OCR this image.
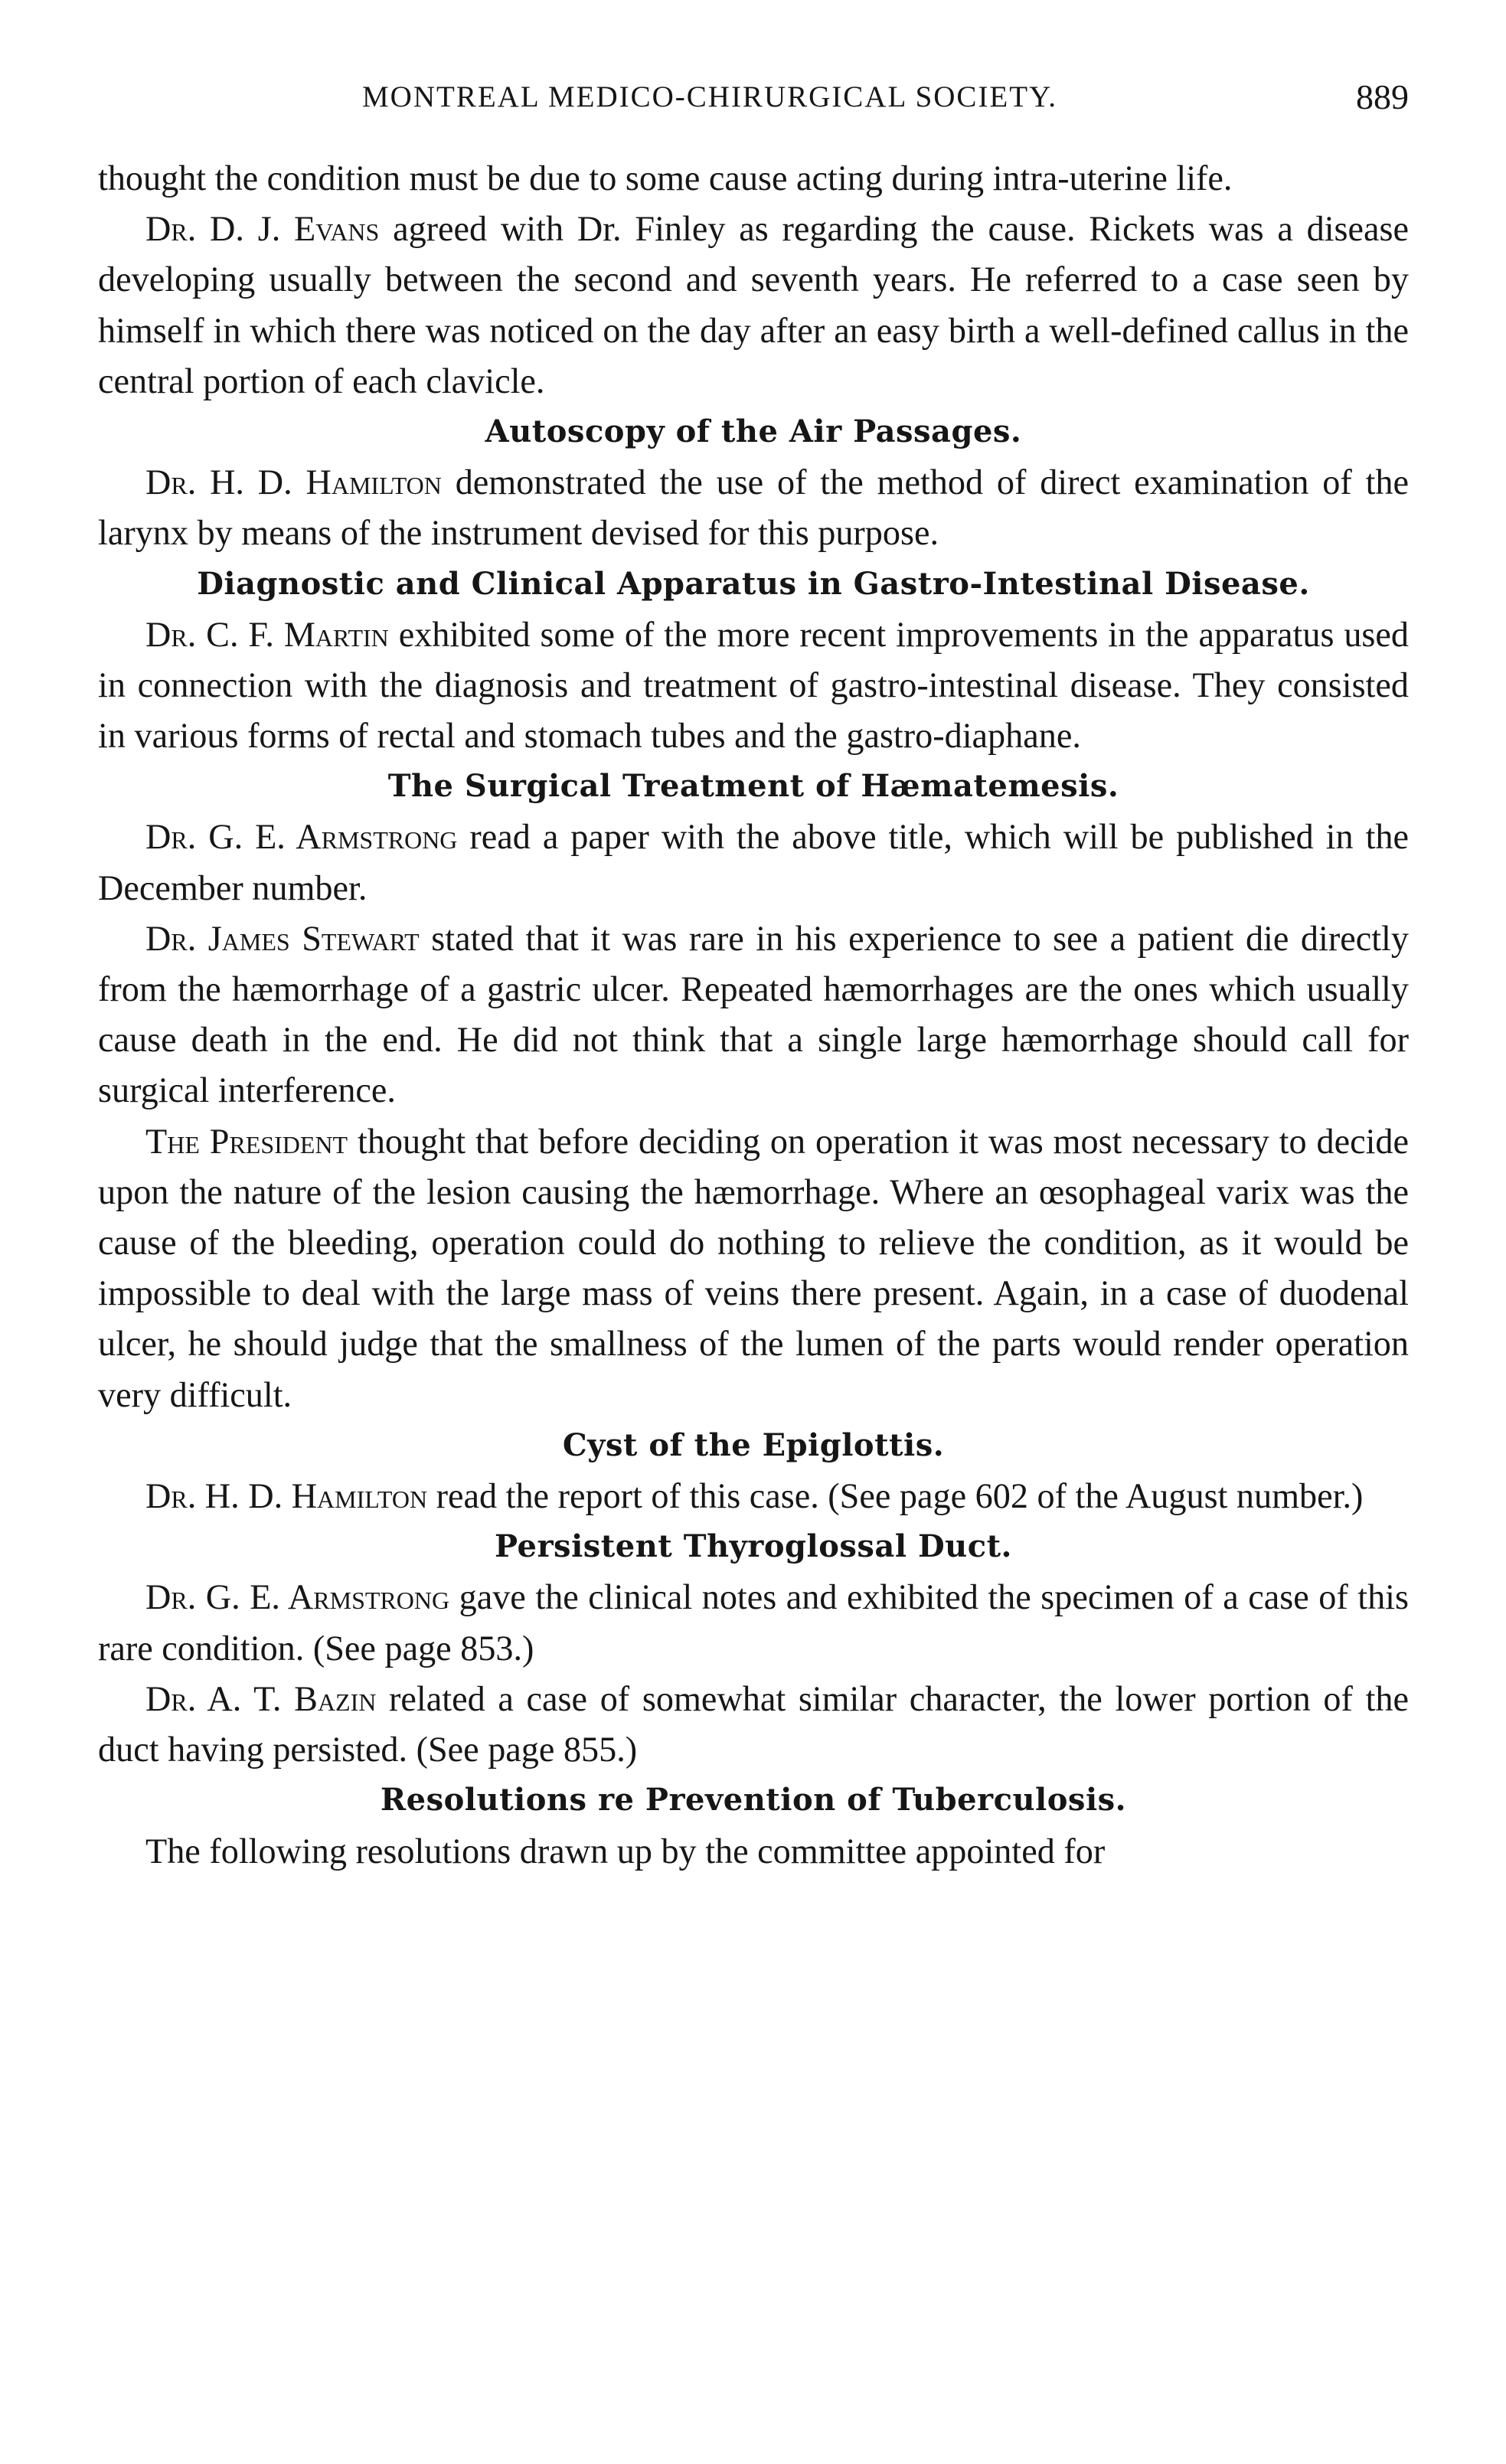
MONTREAL MEDICO-CHIRURGICAL SOCIETY.	889

thought the condition must be due to some cause acting during intra-uterine life.

Dr. D. J. Evans agreed with Dr. Finley as regarding the cause. Rickets was a disease developing usually between the second and seventh years. He referred to a case seen by himself in which there was noticed on the day after an easy birth a well-defined callus in the central portion of each clavicle.

Autoscopy of the Air Passages.

Dr. H. D. Hamilton demonstrated the use of the method of direct examination of the larynx by means of the instrument devised for this purpose.

Diagnostic and Clinical Apparatus in Gastro-Intestinal Disease.

Dr. C. F. Martin exhibited some of the more recent improvements in the apparatus used in connection with the diagnosis and treatment of gastro-intestinal disease. They consisted in various forms of rectal and stomach tubes and the gastro-diaphane.

The Surgical Treatment of Hæmatemesis.

Dr. G. E. Armstrong read a paper with the above title, which will be published in the December number.

Dr. James Stewart stated that it was rare in his experience to see a patient die directly from the hæmorrhage of a gastric ulcer. Repeated hæmorrhages are the ones which usually cause death in the end. He did not think that a single large hæmorrhage should call for surgical interference.

The President thought that before deciding on operation it was most necessary to decide upon the nature of the lesion causing the hæmorrhage. Where an œsophageal varix was the cause of the bleeding, operation could do nothing to relieve the condition, as it would be impossible to deal with the large mass of veins there present. Again, in a case of duodenal ulcer, he should judge that the smallness of the lumen of the parts would render operation very difficult.

Cyst of the Epiglottis.

Dr. H. D. Hamilton read the report of this case. (See page 602 of the August number.)

Persistent Thyroglossal Duct.

Dr. G. E. Armstrong gave the clinical notes and exhibited the specimen of a case of this rare condition. (See page 853.)

Dr. A. T. Bazin related a case of somewhat similar character, the lower portion of the duct having persisted. (See page 855.)

Resolutions re Prevention of Tuberculosis.

The following resolutions drawn up by the committee appointed for
